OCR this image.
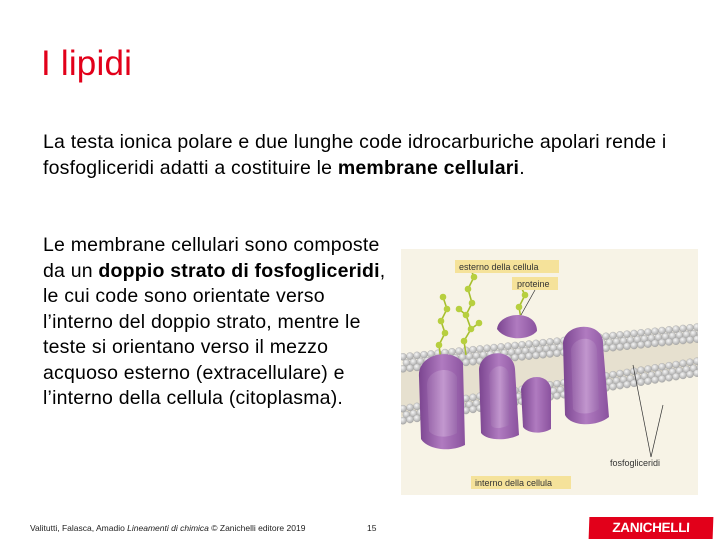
I lipidi
La testa ionica polare e due lunghe code idrocarburiche apolari rende i fosfogliceridi adatti a costituire le membrane cellulari.
Le membrane cellulari sono composte da un doppio strato di fosfogliceridi, le cui code sono orientate verso l’interno del doppio strato, mentre le teste si orientano verso il mezzo acquoso esterno (extracellulare) e l’interno della cellula (citoplasma).
esterno della cellula
proteine
fosfogliceridi
interno della cellula
Valitutti, Falasca, Amadio Lineamenti di chimica © Zanichelli editore 2019	15	ZANICHELLI
